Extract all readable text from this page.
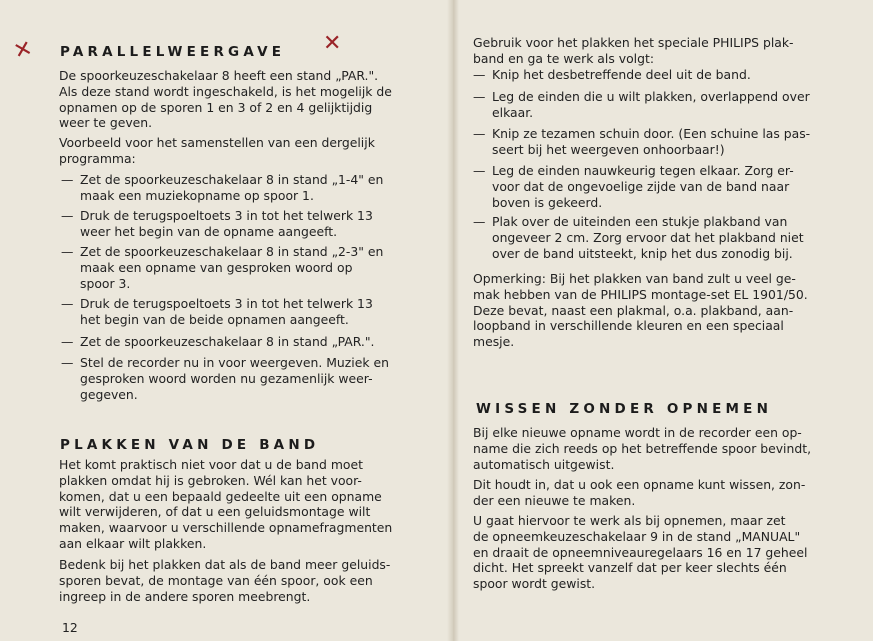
✕	✕
PARALLELWEERGAVE
De spoorkeuzeschakelaar 8 heeft een stand „PAR.".
Als deze stand wordt ingeschakeld, is het mogelijk de
opnamen op de sporen 1 en 3 of 2 en 4 gelijktijdig
weer te geven.
Voorbeeld voor het samenstellen van een dergelijk
programma:
— Zet de spoorkeuzeschakelaar 8 in stand „1-4" en
maak een muziekopname op spoor 1.
— Druk de terugspoeltoets 3 in tot het telwerk 13
weer het begin van de opname aangeeft.
— Zet de spoorkeuzeschakelaar 8 in stand „2-3" en
maak een opname van gesproken woord op
spoor 3.
— Druk de terugspoeltoets 3 in tot het telwerk 13
het begin van de beide opnamen aangeeft.
— Zet de spoorkeuzeschakelaar 8 in stand „PAR.".
— Stel de recorder nu in voor weergeven. Muziek en
gesproken woord worden nu gezamenlijk weer-
gegeven.
PLAKKEN VAN DE BAND
Het komt praktisch niet voor dat u de band moet
plakken omdat hij is gebroken. Wél kan het voor-
komen, dat u een bepaald gedeelte uit een opname
wilt verwijderen, of dat u een geluidsmontage wilt
maken, waarvoor u verschillende opnamefragmenten
aan elkaar wilt plakken.
Bedenk bij het plakken dat als de band meer geluids-
sporen bevat, de montage van één spoor, ook een
ingreep in de andere sporen meebrengt.
12
Gebruik voor het plakken het speciale PHILIPS plak-
band en ga te werk als volgt:
— Knip het desbetreffende deel uit de band.
— Leg de einden die u wilt plakken, overlappend over
elkaar.
— Knip ze tezamen schuin door. (Een schuine las pas-
seert bij het weergeven onhoorbaar!)
— Leg de einden nauwkeurig tegen elkaar. Zorg er-
voor dat de ongevoelige zijde van de band naar
boven is gekeerd.
— Plak over de uiteinden een stukje plakband van
ongeveer 2 cm. Zorg ervoor dat het plakband niet
over de band uitsteekt, knip het dus zonodig bij.
Opmerking: Bij het plakken van band zult u veel ge-
mak hebben van de PHILIPS montage-set EL 1901/50.
Deze bevat, naast een plakmal, o.a. plakband, aan-
loopband in verschillende kleuren en een speciaal
mesje.
WISSEN ZONDER OPNEMEN
Bij elke nieuwe opname wordt in de recorder een op-
name die zich reeds op het betreffende spoor bevindt,
automatisch uitgewist.
Dit houdt in, dat u ook een opname kunt wissen, zon-
der een nieuwe te maken.
U gaat hiervoor te werk als bij opnemen, maar zet
de opneemkeuzeschakelaar 9 in de stand „MANUAL"
en draait de opneemniveauregelaars 16 en 17 geheel
dicht. Het spreekt vanzelf dat per keer slechts één
spoor wordt gewist.
